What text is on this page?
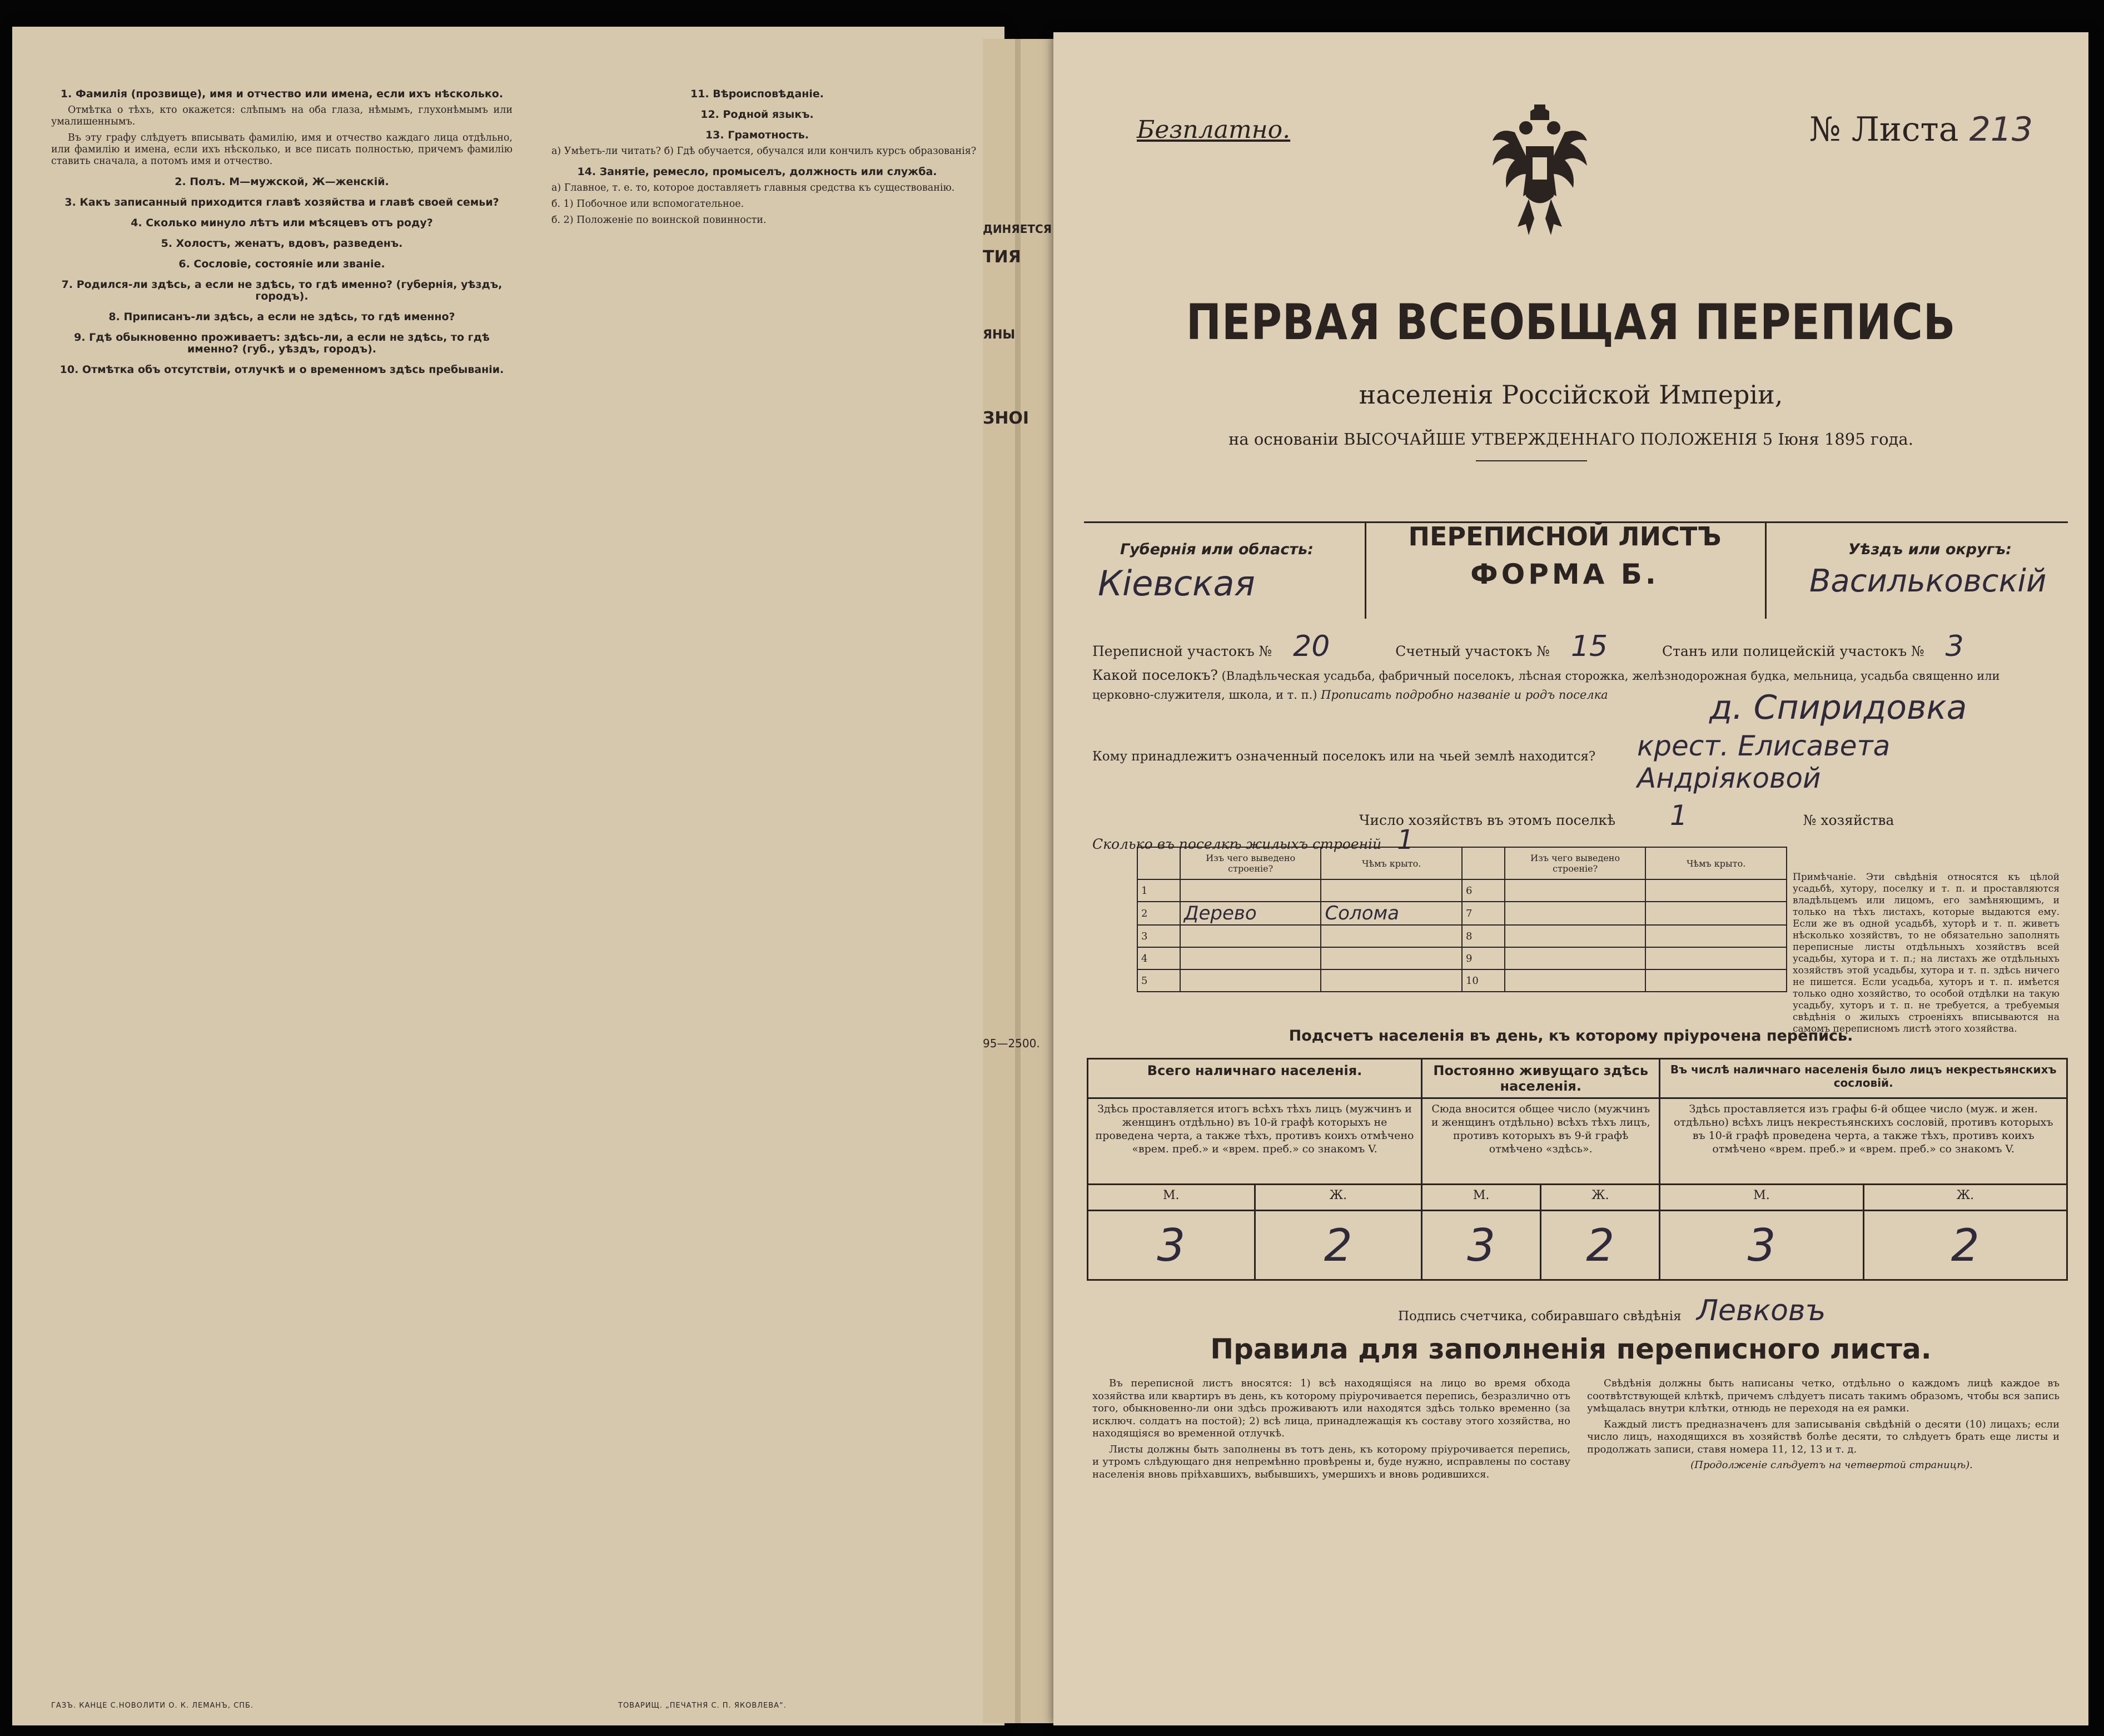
1. Фамилія (прозвище), имя и отчество или имена, если ихъ нѣсколько.

Отмѣтка о тѣхъ, кто окажется: слѣпымъ на оба глаза, нѣмымъ, глухонѣмымъ или умалишеннымъ.

Въ эту графу слѣдуетъ вписывать фамилію, имя и отчество каждаго лица отдѣльно, или фамилію и имена, если ихъ нѣсколько, и все писать полностью, причемъ фамилію ставить сначала, а потомъ имя и отчество.

2. Полъ. М—мужской, Ж—женскій.
3. Какъ записанный приходится главѣ хозяйства и главѣ своей семьи?
4. Сколько минуло лѣтъ или мѣсяцевъ отъ роду?
5. Холостъ, женатъ, вдовъ, разведенъ.
6. Сословіе, состояніе или званіе.
7. Родился-ли здѣсь, а если не здѣсь, то гдѣ именно? (губернія, уѣздъ, городъ).
8. Приписанъ-ли здѣсь, а если не здѣсь, то гдѣ именно?
9. Гдѣ обыкновенно проживаетъ: здѣсь-ли, а если не здѣсь, то гдѣ именно? (губ., уѣздъ, городъ).
10. Отмѣтка объ отсутствіи, отлучкѣ и о временномъ здѣсь пребываніи.
11. Вѣроисповѣданіе.
12. Родной языкъ.
13. Грамотность.

а) Умѣетъ-ли читать? б) Гдѣ обучается, обучался или кончилъ курсъ образованія?

14. Занятіе, ремесло, промыселъ, должность или служба.

а) Главное, т. е. то, которое доставляетъ главныя средства къ существованію.

б. 1) Побочное или вспомогательное.

б. 2) Положеніе по воинской повинности.

ГАЗЪ. КАНЦЕ С.НОВОЛИТИ О. К. ЛЕМАНЪ, СПБ.	ТОВАРИЩ. „ПЕЧАТНЯ С. П. ЯКОВЛЕВА“.
ДИНЯЕТСЯ
ТИЯ
ЯНЫ
ЗНОІ
95—2500.
Безплатно.	№ Листа 213
ПЕРВАЯ ВСЕОБЩАЯ ПЕРЕПИСЬ
населенія Россійской Имперіи,
на основаніи ВЫСОЧАЙШЕ УТВЕРЖДЕННАГО ПОЛОЖЕНІЯ 5 Іюня 1895 года.
Губернія или область:
Кіевская
ПЕРЕПИСНОЙ ЛИСТЪ
ФОРМА Б.
Уѣздъ или округъ:
Васильковскій
Переписной участокъ № 20	Счетный участокъ № 15	Станъ или полицейскій участокъ № 3
Какой поселокъ? (Владѣльческая усадьба, фабричный поселокъ, лѣсная сторожка, желѣзнодорожная будка, мельница, усадьба священно или церковно-служителя, школа, и т. п.) Прописать подробно названіе и родъ поселка	д. Спиридовка
Кому принадлежитъ означенный поселокъ или на чьей землѣ находится? крест. Елисавета Андріяковой
Число хозяйствъ въ этомъ поселкѣ 1	№ хозяйства
Сколько въ поселкѣ жилыхъ строеній 1
	Изъ чего выведено строеніе?	Чѣмъ крыто.		Изъ чего выведено строеніе?	Чѣмъ крыто.
1			6		
2	Дерево	Солома	7		
3			8		
4			9		
5			10		
Примѣчаніе. Эти свѣдѣнія относятся къ цѣлой усадьбѣ, хутору, поселку и т. п. и проставляются владѣльцемъ или лицомъ, его замѣняющимъ, и только на тѣхъ листахъ, которые выдаются ему. Если же въ одной усадьбѣ, хуторѣ и т. п. живетъ нѣсколько хозяйствъ, то не обязательно заполнять переписные листы отдѣльныхъ хозяйствъ всей усадьбы, хутора и т. п.; на листахъ же отдѣльныхъ хозяйствъ этой усадьбы, хутора и т. п. здѣсь ничего не пишется. Если усадьба, хуторъ и т. п. имѣется только одно хозяйство, то особой отдѣлки на такую усадьбу, хуторъ и т. п. не требуется, а требуемыя свѣдѣнія о жилыхъ строеніяхъ вписываются на самомъ переписномъ листѣ этого хозяйства.
Подсчетъ населенія въ день, къ которому пріурочена перепись.
Всего наличнаго населенія.		Постоянно живущаго здѣсь населенія.		Въ числѣ наличнаго населенія было лицъ некрестьянскихъ сословій.	
Здѣсь проставляется итогъ всѣхъ тѣхъ лицъ (мужчинъ и женщинъ отдѣльно) въ 10-й графѣ которыхъ не проведена черта, а также тѣхъ, противъ коихъ отмѣчено «врем. преб.» и «врем. преб.» со знакомъ V.		Сюда вносится общее число (мужчинъ и женщинъ отдѣльно) всѣхъ тѣхъ лицъ, противъ которыхъ въ 9-й графѣ отмѣчено «здѣсь».		Здѣсь проставляется изъ графы 6-й общее число (муж. и жен. отдѣльно) всѣхъ лицъ некрестьянскихъ сословій, противъ которыхъ въ 10-й графѣ проведена черта, а также тѣхъ, противъ коихъ отмѣчено «врем. преб.» и «врем. преб.» со знакомъ V.	
М.	Ж.	М.	Ж.	М.	Ж.
3	2	3	2	3	2
Подпись счетчика, собиравшаго свѣдѣнія Левковъ
Правила для заполненія переписного листа.

Въ переписной листъ вносятся: 1) всѣ находящіяся на лицо во время обхода хозяйства или квартиръ въ день, къ которому пріурочивается перепись, безразлично отъ того, обыкновенно-ли они здѣсь проживаютъ или находятся здѣсь только временно (за исключ. солдатъ на постой); 2) всѣ лица, принадлежащія къ составу этого хозяйства, но находящіяся во временной отлучкѣ.

Листы должны быть заполнены въ тотъ день, къ которому пріурочивается перепись, и утромъ слѣдующаго дня непремѣнно провѣрены и, буде нужно, исправлены по составу населенія вновь пріѣхавшихъ, выбывшихъ, умершихъ и вновь родившихся.

Свѣдѣнія должны быть написаны четко, отдѣльно о каждомъ лицѣ каждое въ соотвѣтствующей клѣткѣ, причемъ слѣдуетъ писать такимъ образомъ, чтобы вся запись умѣщалась внутри клѣтки, отнюдь не переходя на ея рамки.

Каждый листъ предназначенъ для записыванія свѣдѣній о десяти (10) лицахъ; если число лицъ, находящихся въ хозяйствѣ болѣе десяти, то слѣдуетъ брать еще листы и продолжать записи, ставя номера 11, 12, 13 и т. д.

(Продолженіе слѣдуетъ на четвертой страницѣ).
